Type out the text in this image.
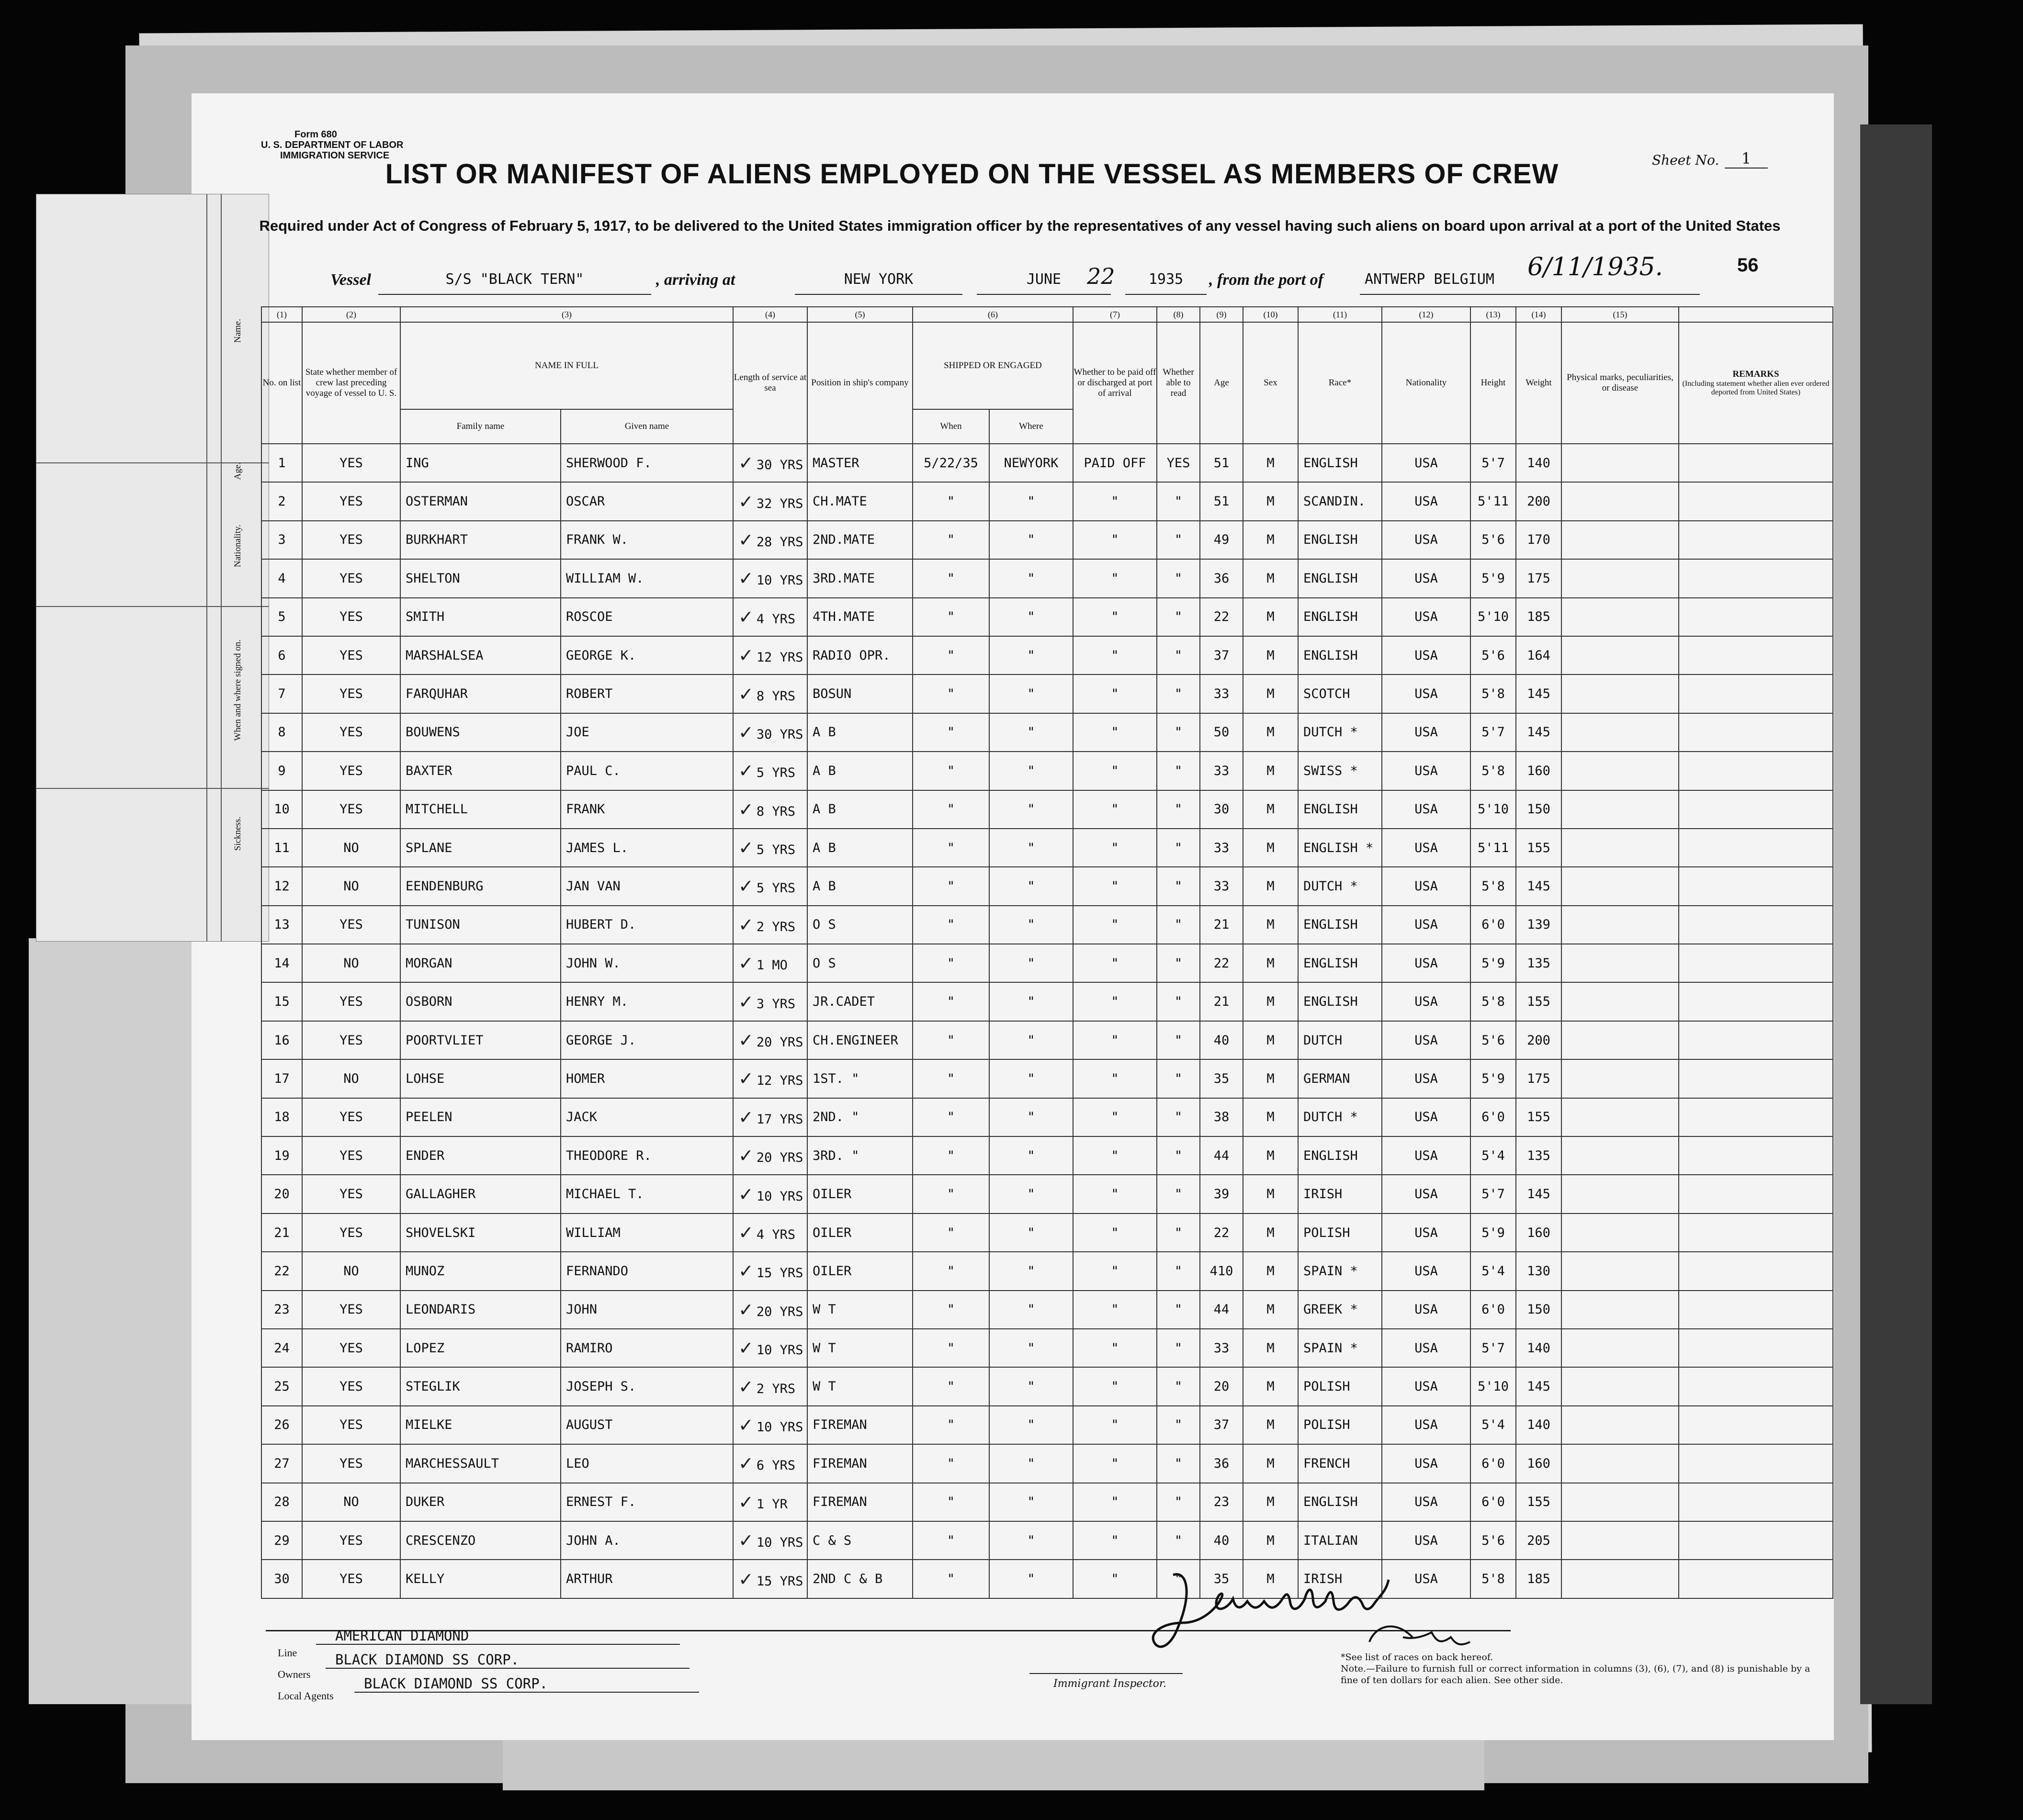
Name.
Age.
Nationality.
When and where signed on.
Sickness.
Form 680
U. S. DEPARTMENT OF LABOR
IMMIGRATION SERVICE	Sheet No.	1
LIST OR MANIFEST OF ALIENS EMPLOYED ON THE VESSEL AS MEMBERS OF CREW
Required under Act of Congress of February 5, 1917, to be delivered to the United States immigration officer by the representatives of any vessel having such aliens on board upon arrival at a port of the United States
Vessel	S/S "BLACK TERN"	, arriving at	NEW YORK	JUNE	22	1935	, from the port of	ANTWERP BELGIUM	6/11/1935.	56
(1)	(2)	(3)		(4)	(5)	(6)		(7)	(8)	(9)	(10)	(11)	(12)	(13)	(14)	(15)	
No. on list	State whether member of crew last preceding voyage of vessel to U. S.	NAME IN FULL		Length of service at sea	Position in ship's company	SHIPPED OR ENGAGED		Whether to be paid off or discharged at port of arrival	Whether able to read	Age	Sex	Race*	Nationality	Height	Weight	Physical marks, peculiarities, or disease	REMARKS
(Including statement whether alien ever ordered deported from United States)

		Family name	Given name			When	Where										
1	YES	ING	SHERWOOD F.	✓ 30 YRS	MASTER	5/22/35	NEWYORK	PAID OFF	YES	51	M	ENGLISH	USA	5'7	140		
2	YES	OSTERMAN	OSCAR	✓ 32 YRS	CH.MATE	"	"	"	"	51	M	SCANDIN.	USA	5'11	200		
3	YES	BURKHART	FRANK W.	✓ 28 YRS	2ND.MATE	"	"	"	"	49	M	ENGLISH	USA	5'6	170		
4	YES	SHELTON	WILLIAM W.	✓ 10 YRS	3RD.MATE	"	"	"	"	36	M	ENGLISH	USA	5'9	175		
5	YES	SMITH	ROSCOE	✓ 4 YRS	4TH.MATE	"	"	"	"	22	M	ENGLISH	USA	5'10	185		
6	YES	MARSHALSEA	GEORGE K.	✓ 12 YRS	RADIO OPR.	"	"	"	"	37	M	ENGLISH	USA	5'6	164		
7	YES	FARQUHAR	ROBERT	✓ 8 YRS	BOSUN	"	"	"	"	33	M	SCOTCH	USA	5'8	145		
8	YES	BOUWENS	JOE	✓ 30 YRS	A B	"	"	"	"	50	M	DUTCH *	USA	5'7	145		
9	YES	BAXTER	PAUL C.	✓ 5 YRS	A B	"	"	"	"	33	M	SWISS *	USA	5'8	160		
10	YES	MITCHELL	FRANK	✓ 8 YRS	A B	"	"	"	"	30	M	ENGLISH	USA	5'10	150		
11	NO	SPLANE	JAMES L.	✓ 5 YRS	A B	"	"	"	"	33	M	ENGLISH *	USA	5'11	155		
12	NO	EENDENBURG	JAN VAN	✓ 5 YRS	A B	"	"	"	"	33	M	DUTCH *	USA	5'8	145		
13	YES	TUNISON	HUBERT D.	✓ 2 YRS	O S	"	"	"	"	21	M	ENGLISH	USA	6'0	139		
14	NO	MORGAN	JOHN W.	✓ 1 MO	O S	"	"	"	"	22	M	ENGLISH	USA	5'9	135		
15	YES	OSBORN	HENRY M.	✓ 3 YRS	JR.CADET	"	"	"	"	21	M	ENGLISH	USA	5'8	155		
16	YES	POORTVLIET	GEORGE J.	✓ 20 YRS	CH.ENGINEER	"	"	"	"	40	M	DUTCH	USA	5'6	200		
17	NO	LOHSE	HOMER	✓ 12 YRS	1ST. "	"	"	"	"	35	M	GERMAN	USA	5'9	175		
18	YES	PEELEN	JACK	✓ 17 YRS	2ND. "	"	"	"	"	38	M	DUTCH *	USA	6'0	155		
19	YES	ENDER	THEODORE R.	✓ 20 YRS	3RD. "	"	"	"	"	44	M	ENGLISH	USA	5'4	135		
20	YES	GALLAGHER	MICHAEL T.	✓ 10 YRS	OILER	"	"	"	"	39	M	IRISH	USA	5'7	145		
21	YES	SHOVELSKI	WILLIAM	✓ 4 YRS	OILER	"	"	"	"	22	M	POLISH	USA	5'9	160		
22	NO	MUNOZ	FERNANDO	✓ 15 YRS	OILER	"	"	"	"	410	M	SPAIN *	USA	5'4	130		
23	YES	LEONDARIS	JOHN	✓ 20 YRS	W T	"	"	"	"	44	M	GREEK *	USA	6'0	150		
24	YES	LOPEZ	RAMIRO	✓ 10 YRS	W T	"	"	"	"	33	M	SPAIN *	USA	5'7	140		
25	YES	STEGLIK	JOSEPH S.	✓ 2 YRS	W T	"	"	"	"	20	M	POLISH	USA	5'10	145		
26	YES	MIELKE	AUGUST	✓ 10 YRS	FIREMAN	"	"	"	"	37	M	POLISH	USA	5'4	140		
27	YES	MARCHESSAULT	LEO	✓ 6 YRS	FIREMAN	"	"	"	"	36	M	FRENCH	USA	6'0	160		
28	NO	DUKER	ERNEST F.	✓ 1 YR	FIREMAN	"	"	"	"	23	M	ENGLISH	USA	6'0	155		
29	YES	CRESCENZO	JOHN A.	✓ 10 YRS	C & S	"	"	"	"	40	M	ITALIAN	USA	5'6	205		
30	YES	KELLY	ARTHUR	✓ 15 YRS	2ND C & B	"	"	"	"	35	M	IRISH	USA	5'8	185		
Line
AMERICAN DIAMOND
Owners
BLACK DIAMOND SS CORP.
Local Agents
BLACK DIAMOND SS CORP.	Immigrant Inspector.
John Wallace Insp.
*See list of races on back hereof.
Note.—Failure to furnish full or correct information in columns (3), (6), (7), and (8) is punishable by a fine of ten dollars for each alien. See other side.
